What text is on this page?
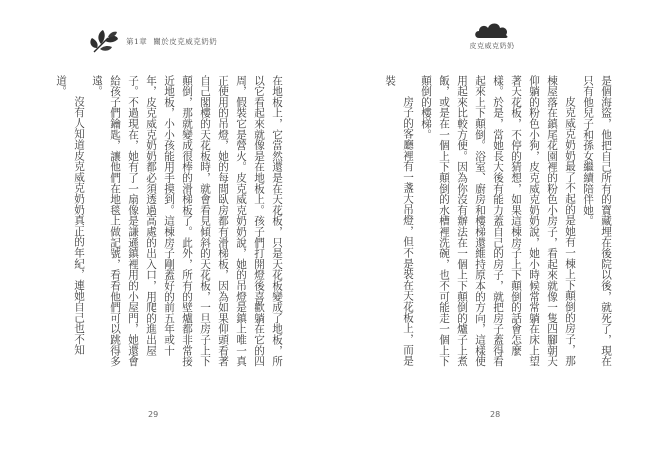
第1章 關於皮克威克奶奶

在地板上，它當然還是在天花板，只是天花板變成了地板，所以它看起來就像是在地板上。孩子們打開燈後喜歡躺在它的四周，假裝它是營火。皮克威克奶奶說，她的吊燈是鎮上唯一真正使用的吊燈，她的每間臥房都有滑梯板，因為如果仰頭看著自己閣樓的天花板時，就會看見傾斜的天花板，一旦房子上下顛倒，那就變成很棒的滑梯板了。此外，所有的壁爐都非常接近地板，小小孩能用手摸到。這棟房子剛蓋好的前五年或十年，皮克威克奶奶都必須透過高處的出入口，用爬的進出屋子。不過現在，她有了一扇像是謙遜鎮裡用的小屋門，她還會給孩子們鑰匙，讓他們在地毯上做記號，看看他們可以跳得多遠。

沒有人知道皮克威克奶奶真正的年紀，連她自己也不知道。

29
皮克威克奶奶

是個海盜，他把自己所有的寶藏埋在後院以後，就死了，現在只有他兒子和孫女繼續陪伴她。

皮克威克奶奶最了不起的是她有一棟上下顛倒的房子，那棟屋落在鎮尾花園裡的粉色小房子，看起來就像一隻四腳朝天仰躺的粉色小狗，皮克威克奶奶說，她小時候常常躺在床上望著天花板，不停的猜想，如果這棟房子上下顛倒的話會怎麼樣。於是，當她長大後有能力蓋自己的房子，就把房子蓋得看起來上下顛倒。浴室、廚房和樓梯還維持原本的方向，這樣使用起來比較方便。因為你沒有辦法在一個上下顛倒的爐子上煮飯，或是在一個上下顛倒的水槽裡洗碗，也不可能走一個上下顛倒的樓梯。

房子的客廳裡有一盞大吊燈，但不是裝在天花板上，而是裝

28
